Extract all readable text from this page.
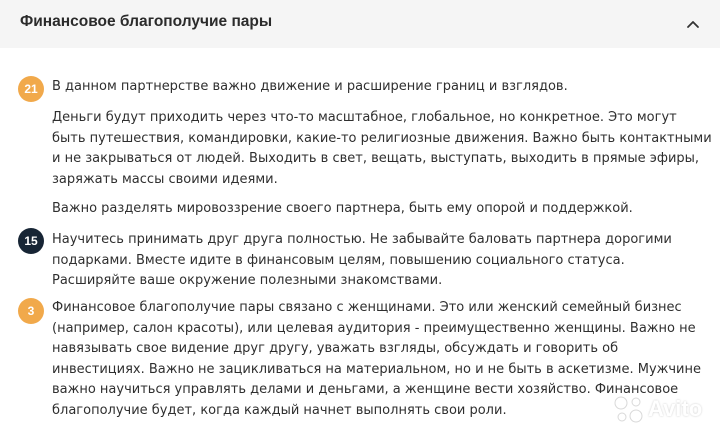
Финансовое благополучие пары
21	В данном партнерстве важно движение и расширение границ и взглядов.

Деньги будут приходить через что-то масштабное, глобальное, но конкретное. Это могут быть путешествия, командировки, какие-то религиозные движения. Важно быть контактными и не закрываться от людей. Выходить в свет, вещать, выступать, выходить в прямые эфиры, заряжать массы своими идеями.

Важно разделять мировоззрение своего партнера, быть ему опорой и поддержкой.

15	Научитесь принимать друг друга полностью. Не забывайте баловать партнера дорогими подарками. Вместе идите в финансовым целям, повышению социального статуса. Расширяйте ваше окружение полезными знакомствами.

3	Финансовое благополучие пары связано с женщинами. Это или женский семейный бизнес (например, салон красоты), или целевая аудитория - преимущественно женщины. Важно не навязывать свое видение друг другу, уважать взгляды, обсуждать и говорить об инвестициях. Важно не зацикливаться на материальном, но и не быть в аскетизме. Мужчине важно научиться управлять делами и деньгами, а женщине вести хозяйство. Финансовое благополучие будет, когда каждый начнет выполнять свои роли.	Avito
